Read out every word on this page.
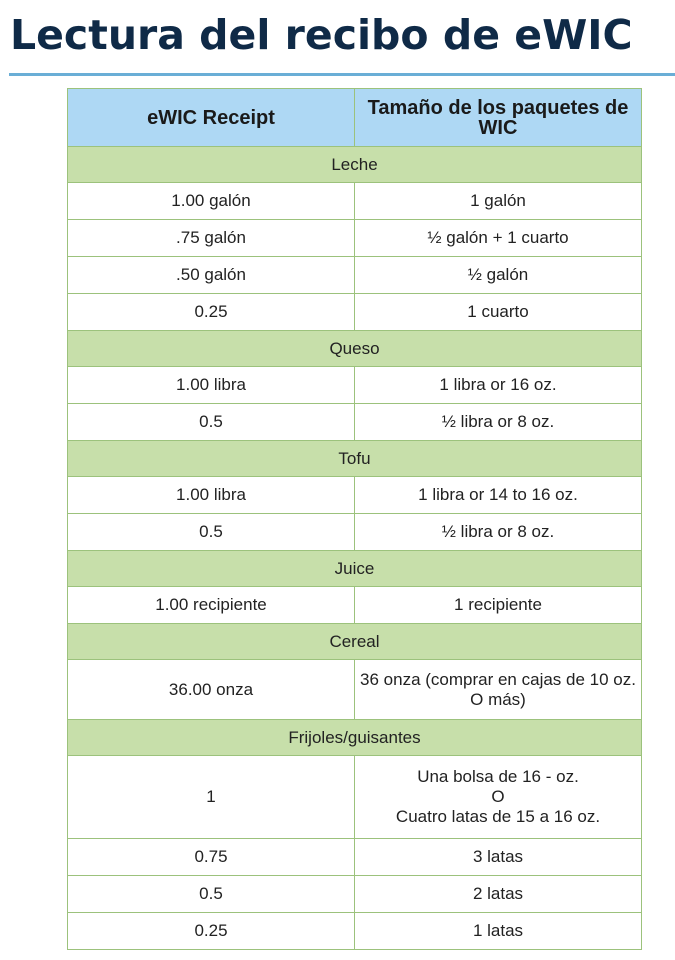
Lectura del recibo de eWIC
eWIC Receipt	Tamaño de los paquetes de WIC
Leche	
1.00 galón	1 galón
.75 galón	½ galón + 1 cuarto
.50 galón	½ galón
0.25	1 cuarto
Queso	
1.00 libra	1 libra or 16 oz.
0.5	½ libra or 8 oz.
Tofu	
1.00 libra	1 libra or 14 to 16 oz.
0.5	½ libra or 8 oz.
Juice	
1.00 recipiente	1 recipiente
Cereal	
36.00 onza	36 onza (comprar en cajas de 10 oz. O más)
Frijoles/guisantes	
1	Una bolsa de 16 - oz.
O
Cuatro latas de 15 a 16 oz.
0.75	3 latas
0.5	2 latas
0.25	1 latas
